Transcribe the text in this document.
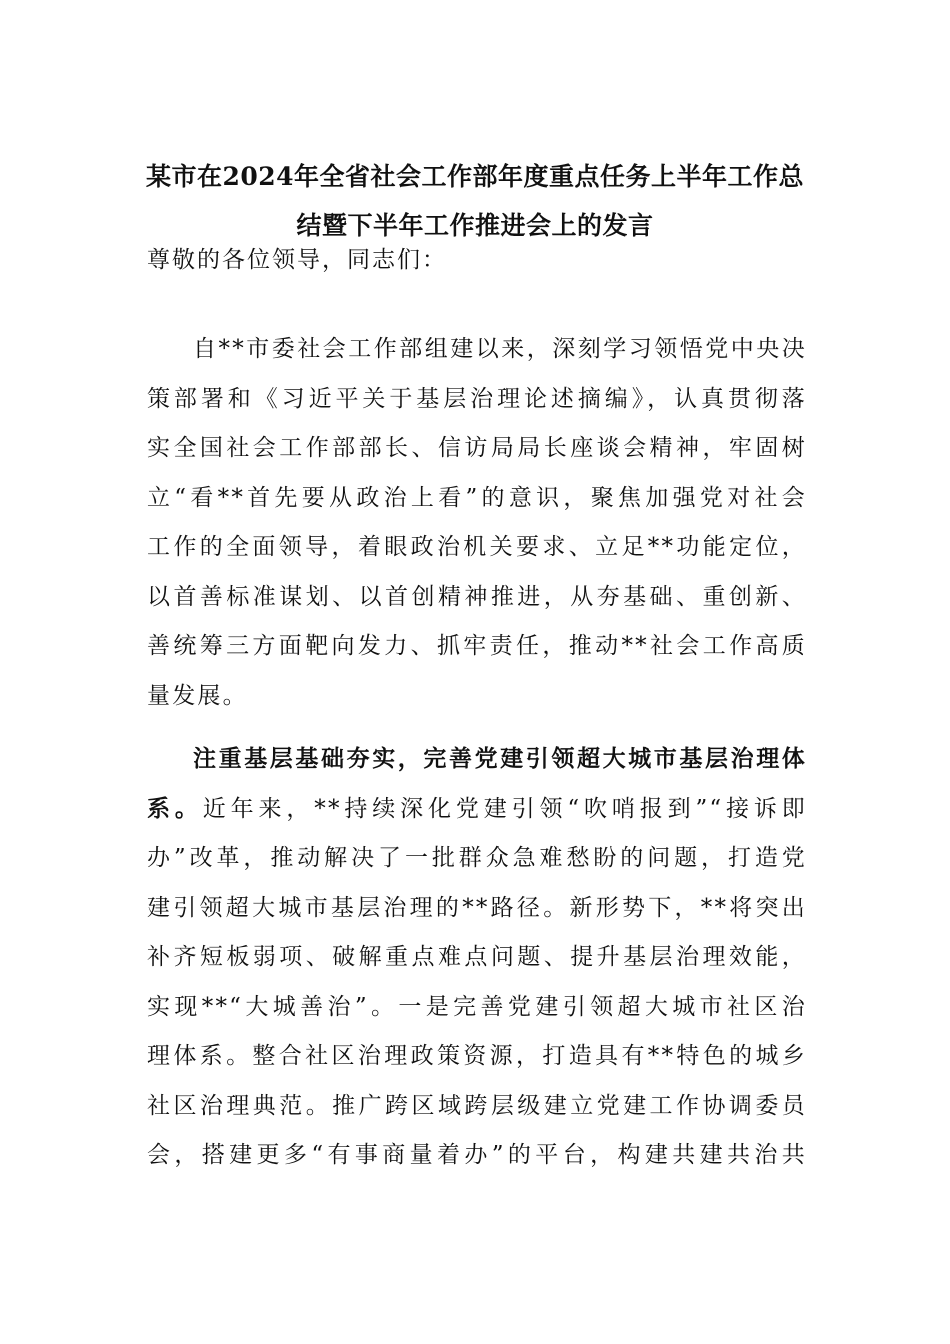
某市在2024年全省社会工作部年度重点任务上半年工作总
结暨下半年工作推进会上的发言
尊敬的各位领导，同志们：
自**市委社会工作部组建以来，深刻学习领悟党中央决
策部署和《习近平关于基层治理论述摘编》，认真贯彻落
实全国社会工作部部长、信访局局长座谈会精神，牢固树
立“看**首先要从政治上看”的意识，聚焦加强党对社会
工作的全面领导，着眼政治机关要求、立足**功能定位，
以首善标准谋划、以首创精神推进，从夯基础、重创新、
善统筹三方面靶向发力、抓牢责任，推动**社会工作高质
量发展。
注重基层基础夯实，完善党建引领超大城市基层治理体
系。近年来，**持续深化党建引领“吹哨报到”“接诉即
办”改革，推动解决了一批群众急难愁盼的问题，打造党
建引领超大城市基层治理的**路径。新形势下，**将突出
补齐短板弱项、破解重点难点问题、提升基层治理效能，
实现**“大城善治”。一是完善党建引领超大城市社区治
理体系。整合社区治理政策资源，打造具有**特色的城乡
社区治理典范。推广跨区域跨层级建立党建工作协调委员
会，搭建更多“有事商量着办”的平台，构建共建共治共
